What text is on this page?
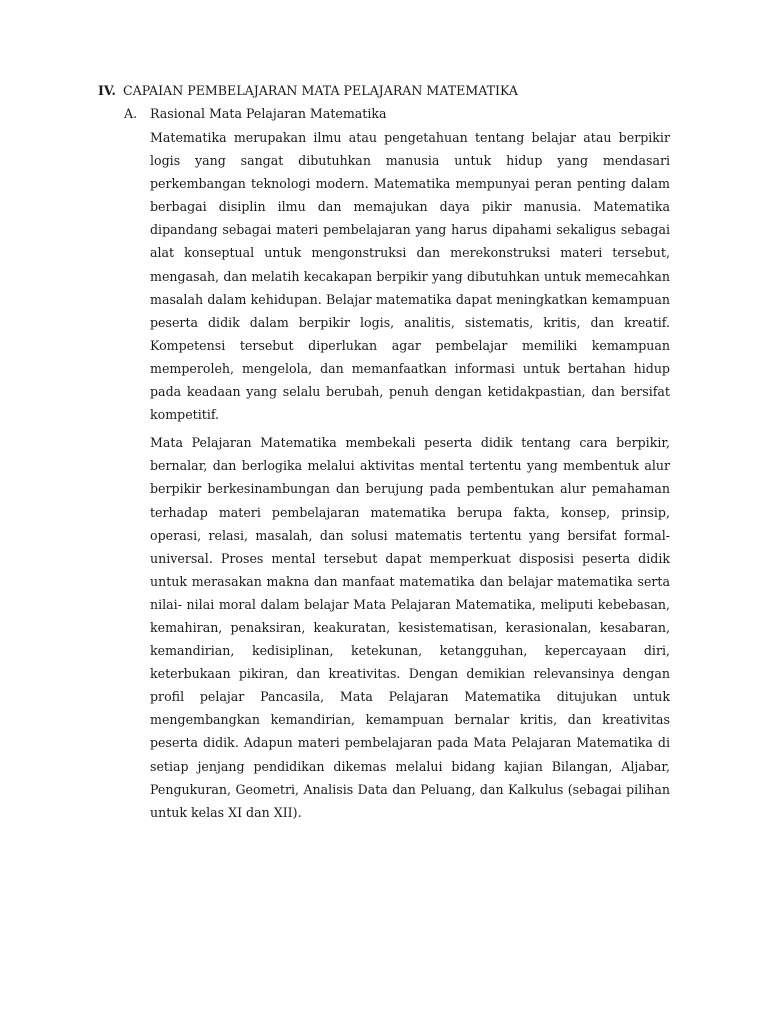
IV. CAPAIAN PEMBELAJARAN MATA PELAJARAN MATEMATIKA
A. Rasional Mata Pelajaran Matematika

Matematika merupakan ilmu atau pengetahuan tentang belajar atau berpikir logis yang sangat dibutuhkan manusia untuk hidup yang mendasari perkembangan teknologi modern. Matematika mempunyai peran penting dalam berbagai disiplin ilmu dan memajukan daya pikir manusia. Matematika dipandang sebagai materi pembelajaran yang harus dipahami sekaligus sebagai alat konseptual untuk mengonstruksi dan merekonstruksi materi tersebut, mengasah, dan melatih kecakapan berpikir yang dibutuhkan untuk memecahkan masalah dalam kehidupan. Belajar matematika dapat meningkatkan kemampuan peserta didik dalam berpikir logis, analitis, sistematis, kritis, dan kreatif. Kompetensi tersebut diperlukan agar pembelajar memiliki kemampuan memperoleh, mengelola, dan memanfaatkan informasi untuk bertahan hidup pada keadaan yang selalu berubah, penuh dengan ketidakpastian, dan bersifat kompetitif.

Mata Pelajaran Matematika membekali peserta didik tentang cara berpikir, bernalar, dan berlogika melalui aktivitas mental tertentu yang membentuk alur berpikir berkesinambungan dan berujung pada pembentukan alur pemahaman terhadap materi pembelajaran matematika berupa fakta, konsep, prinsip, operasi, relasi, masalah, dan solusi matematis tertentu yang bersifat formal-universal. Proses mental tersebut dapat memperkuat disposisi peserta didik untuk merasakan makna dan manfaat matematika dan belajar matematika serta nilai- nilai moral dalam belajar Mata Pelajaran Matematika, meliputi kebebasan, kemahiran, penaksiran, keakuratan, kesistematisan, kerasionalan, kesabaran, kemandirian, kedisiplinan, ketekunan, ketangguhan, kepercayaan diri, keterbukaan pikiran, dan kreativitas. Dengan demikian relevansinya dengan profil pelajar Pancasila, Mata Pelajaran Matematika ditujukan untuk mengembangkan kemandirian, kemampuan bernalar kritis, dan kreativitas peserta didik. Adapun materi pembelajaran pada Mata Pelajaran Matematika di setiap jenjang pendidikan dikemas melalui bidang kajian Bilangan, Aljabar, Pengukuran, Geometri, Analisis Data dan Peluang, dan Kalkulus (sebagai pilihan untuk kelas XI dan XII).
